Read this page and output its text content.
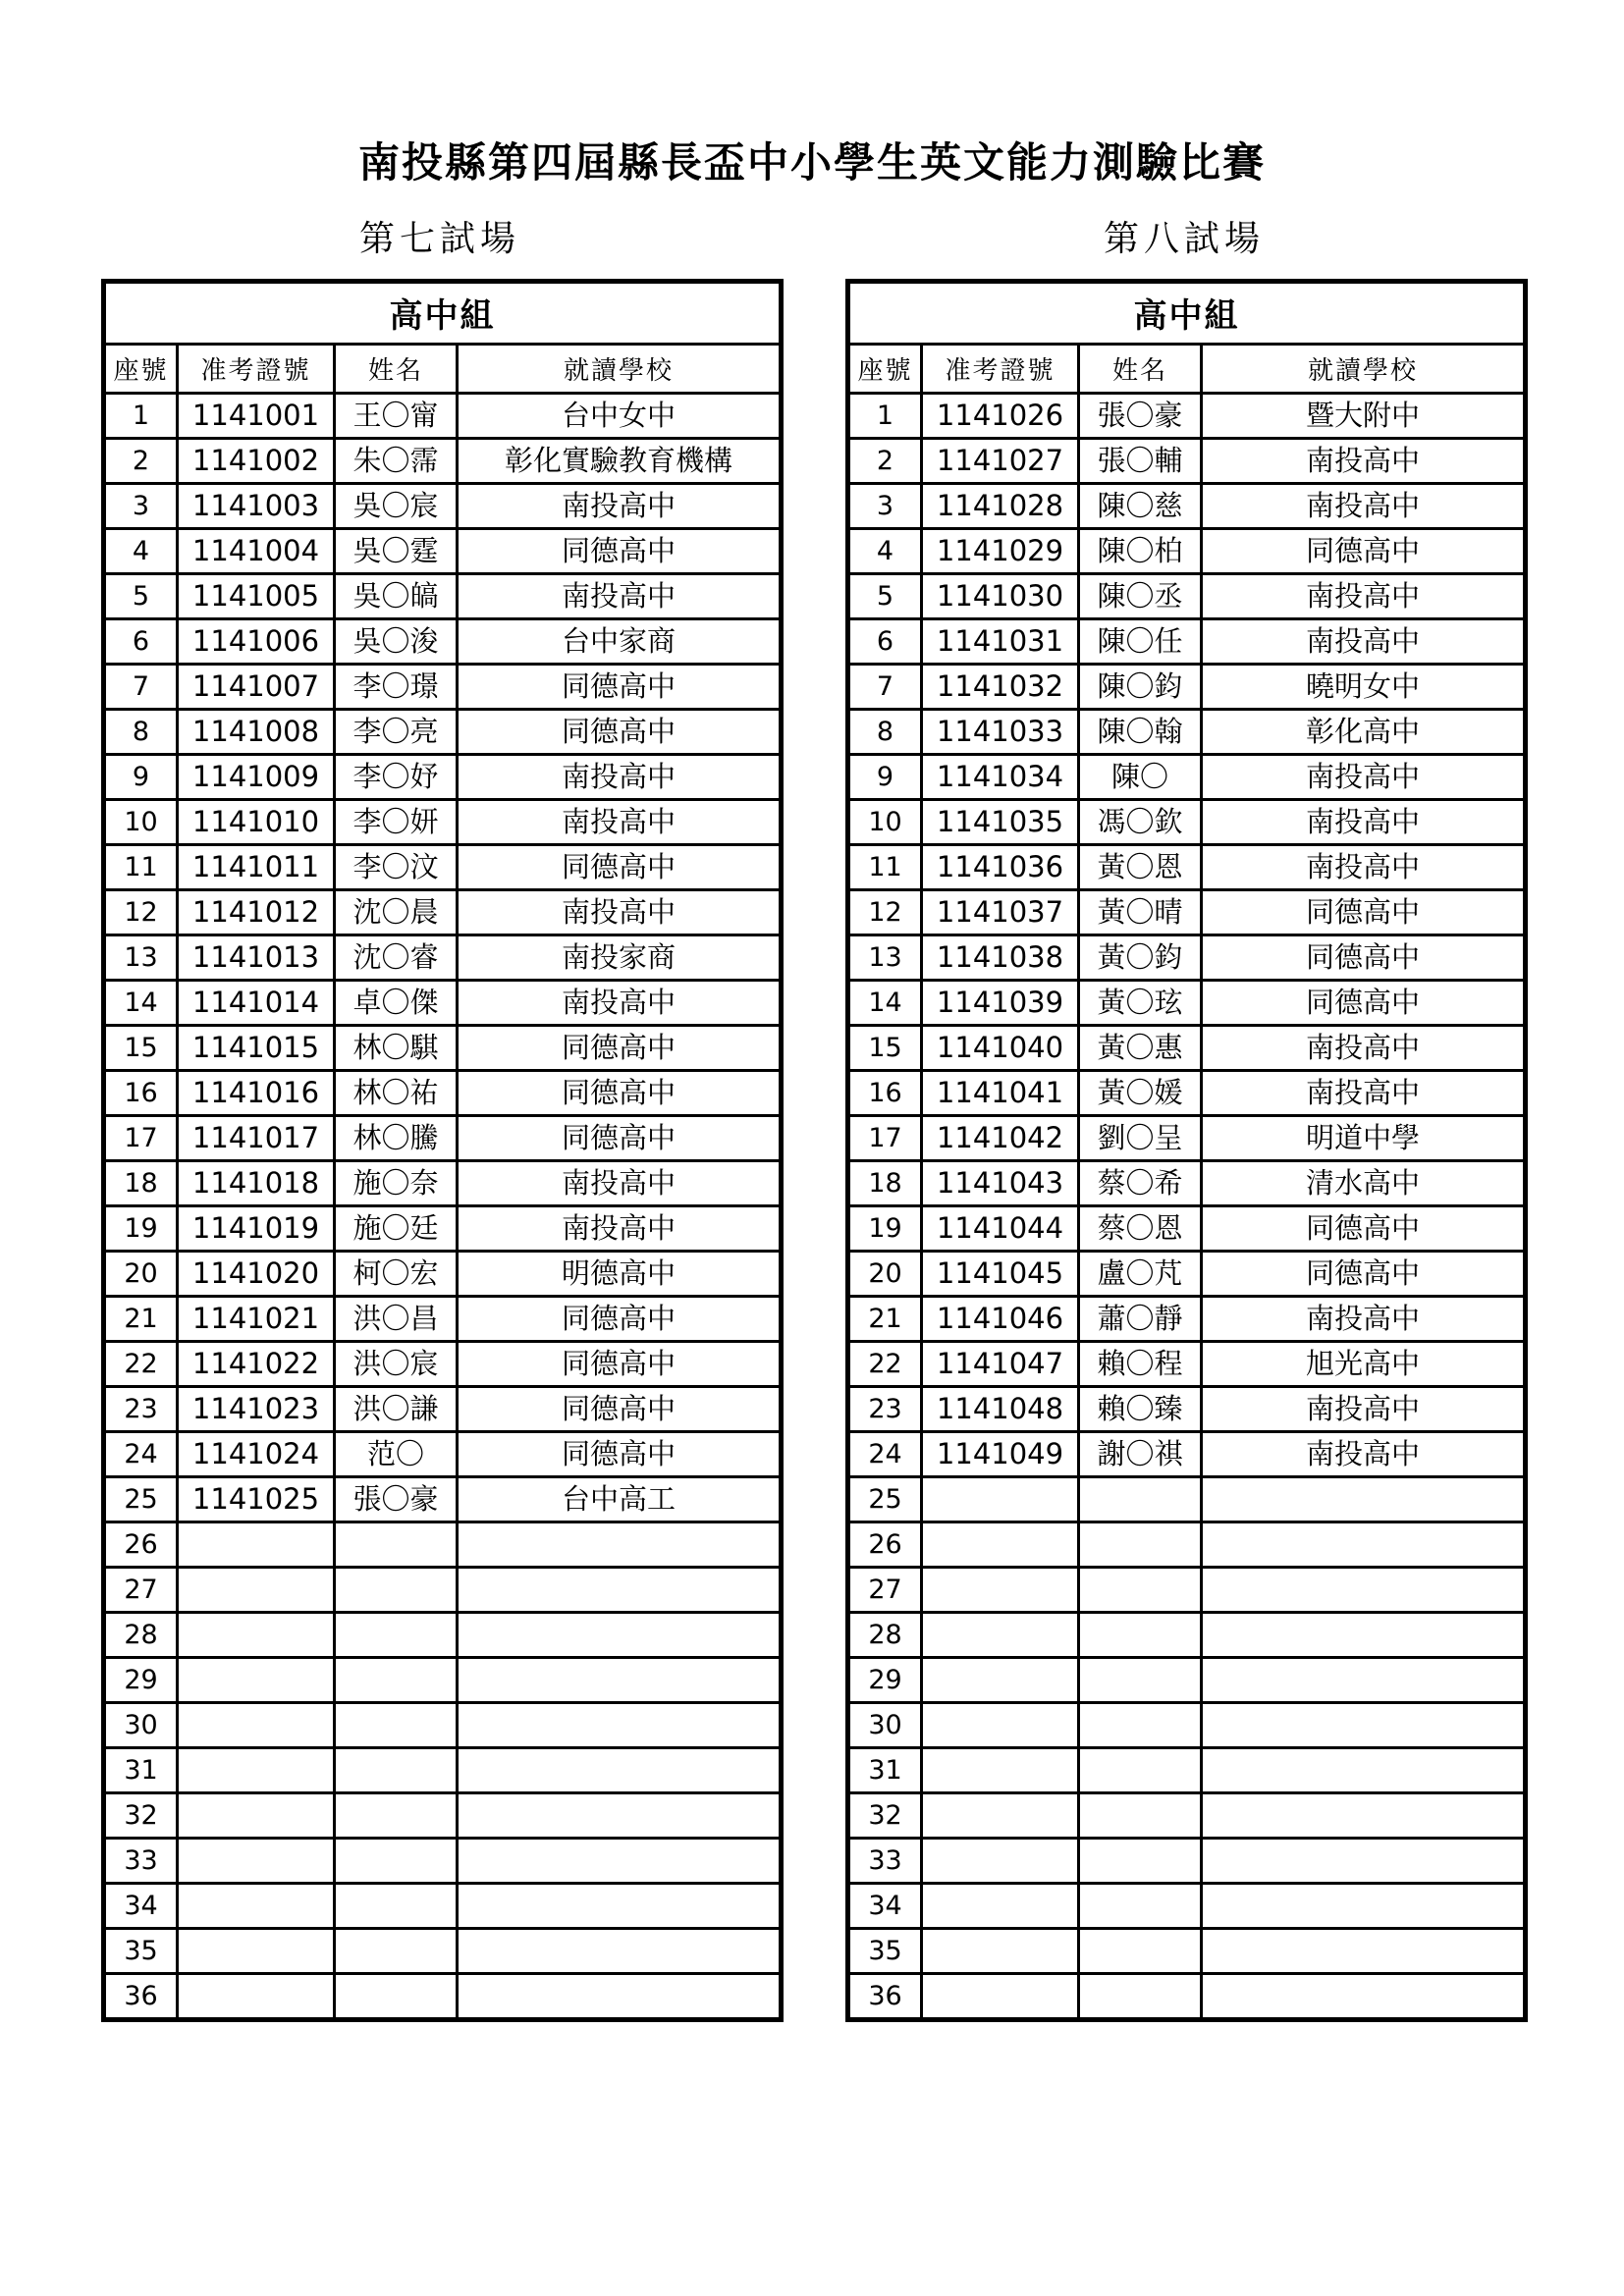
南投縣第四屆縣長盃中小學生英文能力測驗比賽
第七試場
高中組			
座號	准考證號	姓名	就讀學校
1	1141001	王〇甯	台中女中
2	1141002	朱〇霈	彰化實驗教育機構
3	1141003	吳〇宸	南投高中
4	1141004	吳〇霆	同德高中
5	1141005	吳〇皜	南投高中
6	1141006	吳〇浚	台中家商
7	1141007	李〇璟	同德高中
8	1141008	李〇亮	同德高中
9	1141009	李〇妤	南投高中
10	1141010	李〇妍	南投高中
11	1141011	李〇汶	同德高中
12	1141012	沈〇晨	南投高中
13	1141013	沈〇睿	南投家商
14	1141014	卓〇傑	南投高中
15	1141015	林〇騏	同德高中
16	1141016	林〇祐	同德高中
17	1141017	林〇騰	同德高中
18	1141018	施〇奈	南投高中
19	1141019	施〇廷	南投高中
20	1141020	柯〇宏	明德高中
21	1141021	洪〇昌	同德高中
22	1141022	洪〇宸	同德高中
23	1141023	洪〇謙	同德高中
24	1141024	范〇	同德高中
25	1141025	張〇豪	台中高工
26			
27			
28			
29			
30			
31			
32			
33			
34			
35			
36			
第八試場
高中組			
座號	准考證號	姓名	就讀學校
1	1141026	張〇豪	暨大附中
2	1141027	張〇輔	南投高中
3	1141028	陳〇慈	南投高中
4	1141029	陳〇柏	同德高中
5	1141030	陳〇丞	南投高中
6	1141031	陳〇任	南投高中
7	1141032	陳〇鈞	曉明女中
8	1141033	陳〇翰	彰化高中
9	1141034	陳〇	南投高中
10	1141035	馮〇欽	南投高中
11	1141036	黃〇恩	南投高中
12	1141037	黃〇晴	同德高中
13	1141038	黃〇鈞	同德高中
14	1141039	黃〇玹	同德高中
15	1141040	黃〇惠	南投高中
16	1141041	黃〇媛	南投高中
17	1141042	劉〇呈	明道中學
18	1141043	蔡〇希	清水高中
19	1141044	蔡〇恩	同德高中
20	1141045	盧〇芃	同德高中
21	1141046	蕭〇靜	南投高中
22	1141047	賴〇程	旭光高中
23	1141048	賴〇臻	南投高中
24	1141049	謝〇祺	南投高中
25			
26			
27			
28			
29			
30			
31			
32			
33			
34			
35			
36			
